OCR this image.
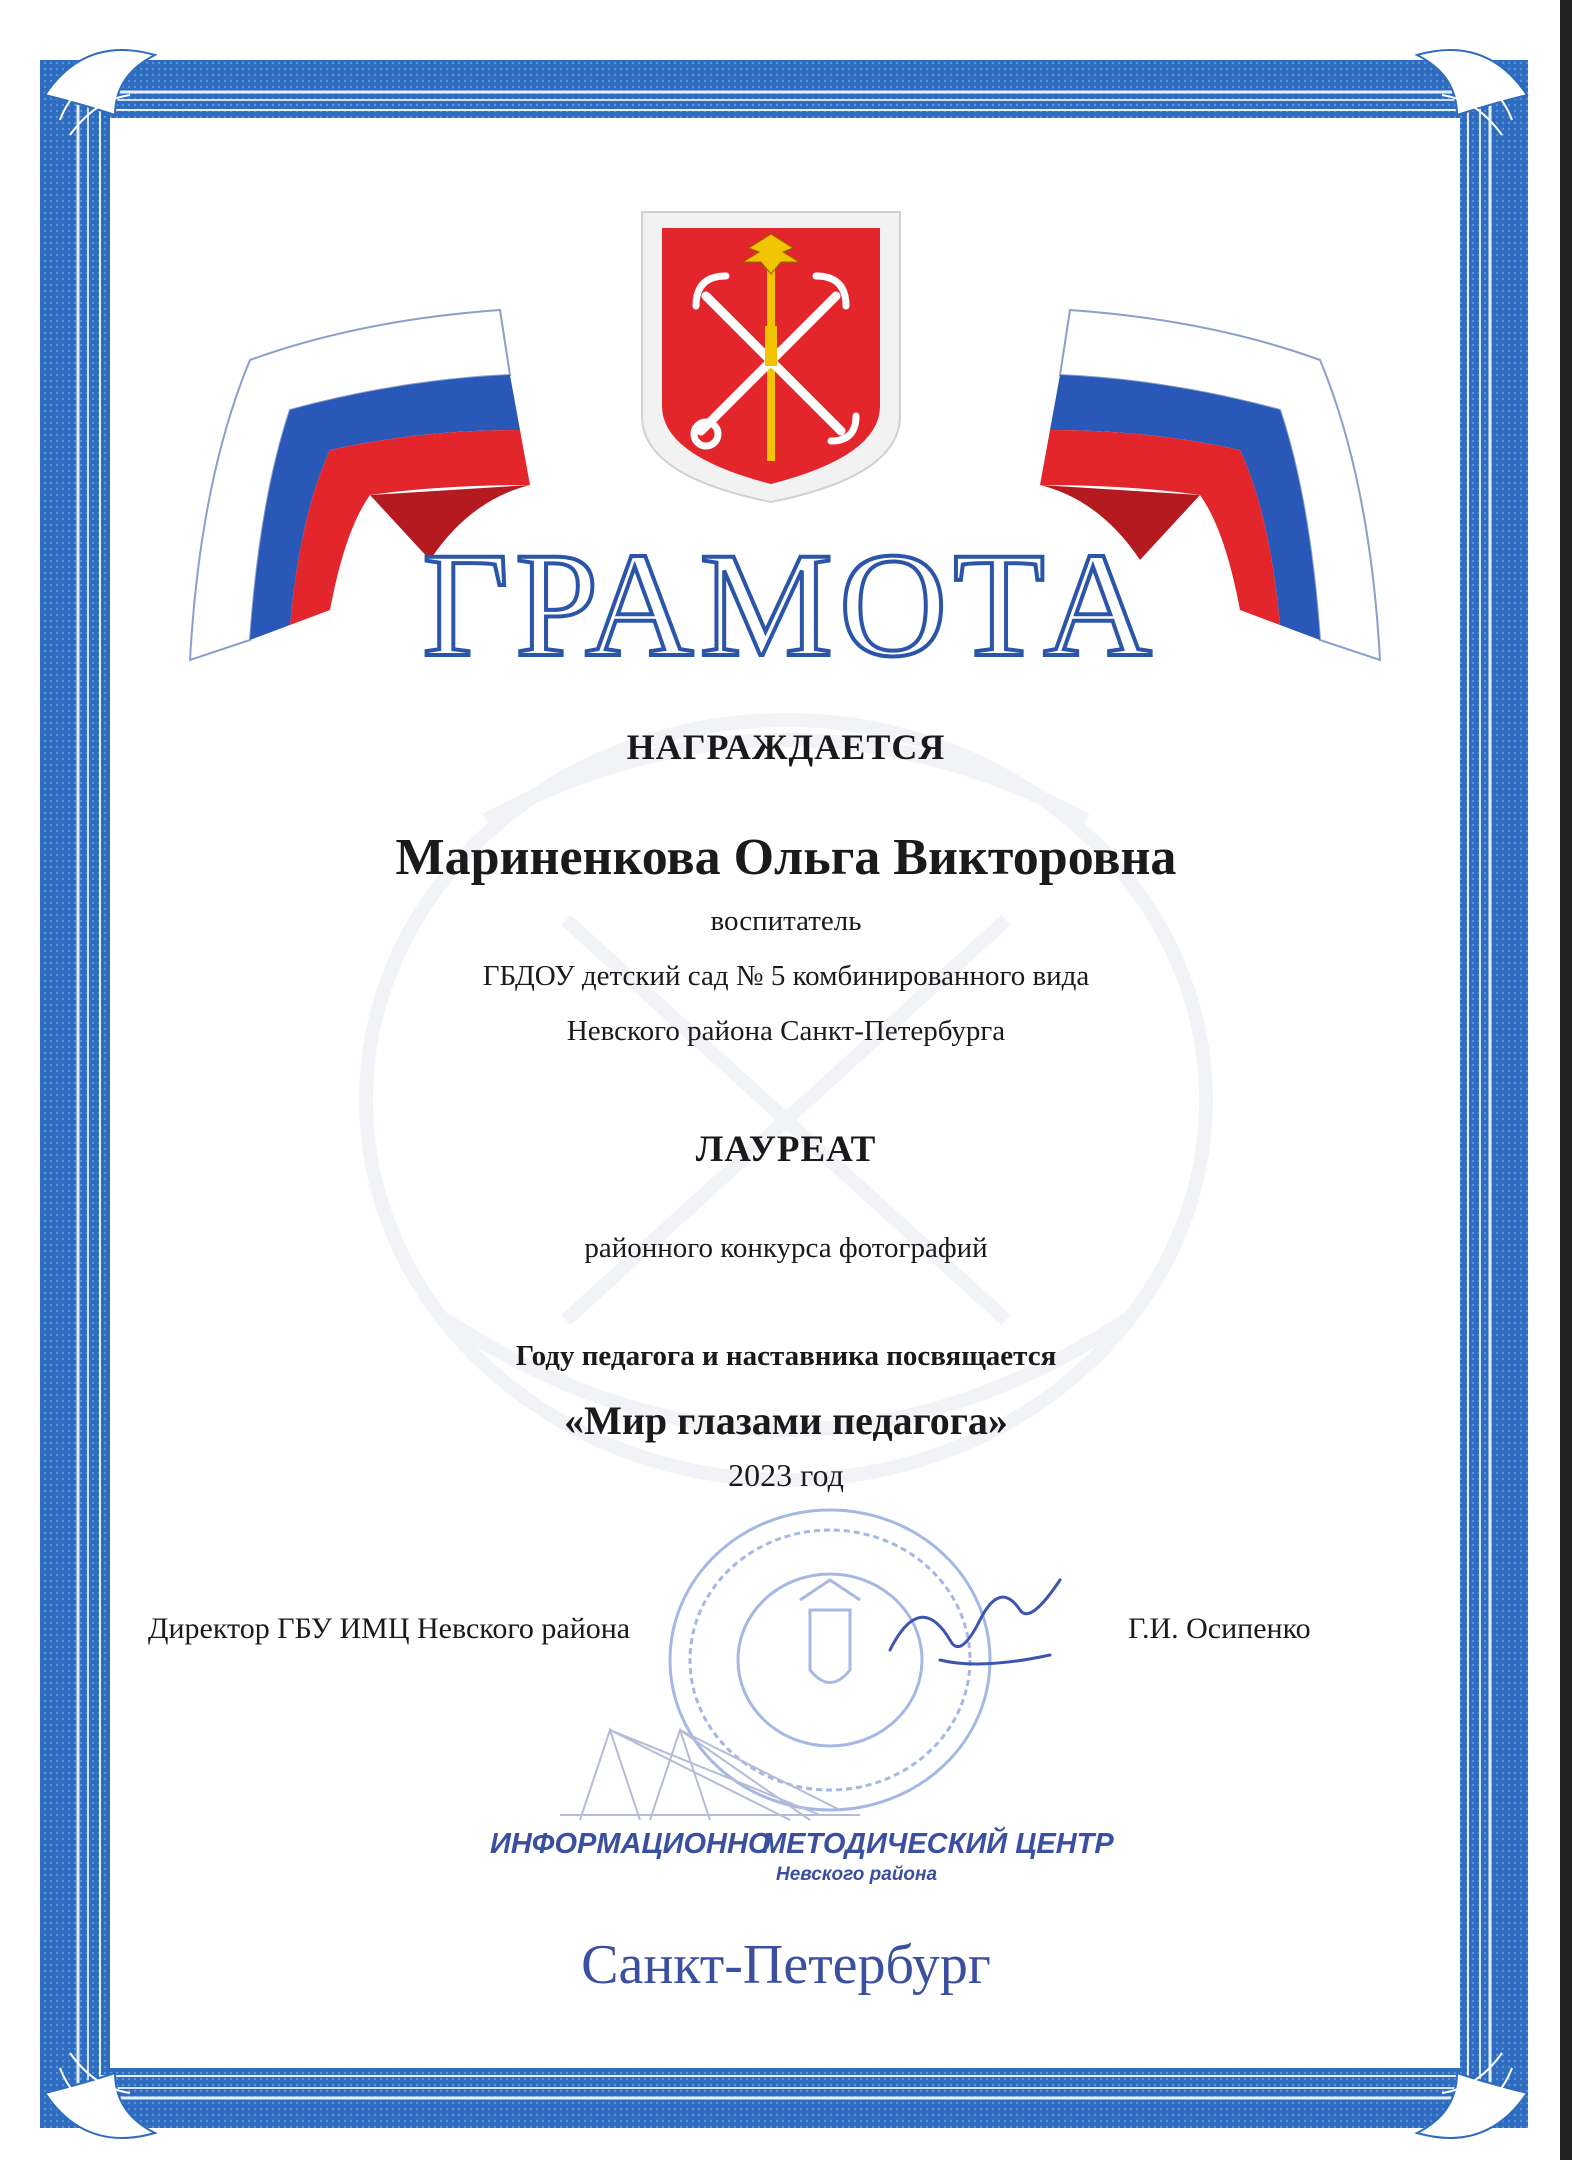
ГРАМОТА
НАГРАЖДАЕТСЯ
Мариненкова Ольга Викторовна
воспитатель
ГБДОУ детский сад № 5 комбинированного вида
Невского района Санкт-Петербурга
ЛАУРЕАТ
районного конкурса фотографий
Году педагога и наставника посвящается
«Мир глазами педагога»
2023 год
Директор ГБУ ИМЦ Невского района	Г.И. Осипенко
ИНФОРМАЦИОННО
МЕТОДИЧЕСКИЙ ЦЕНТР
Невского района
Санкт-Петербург
